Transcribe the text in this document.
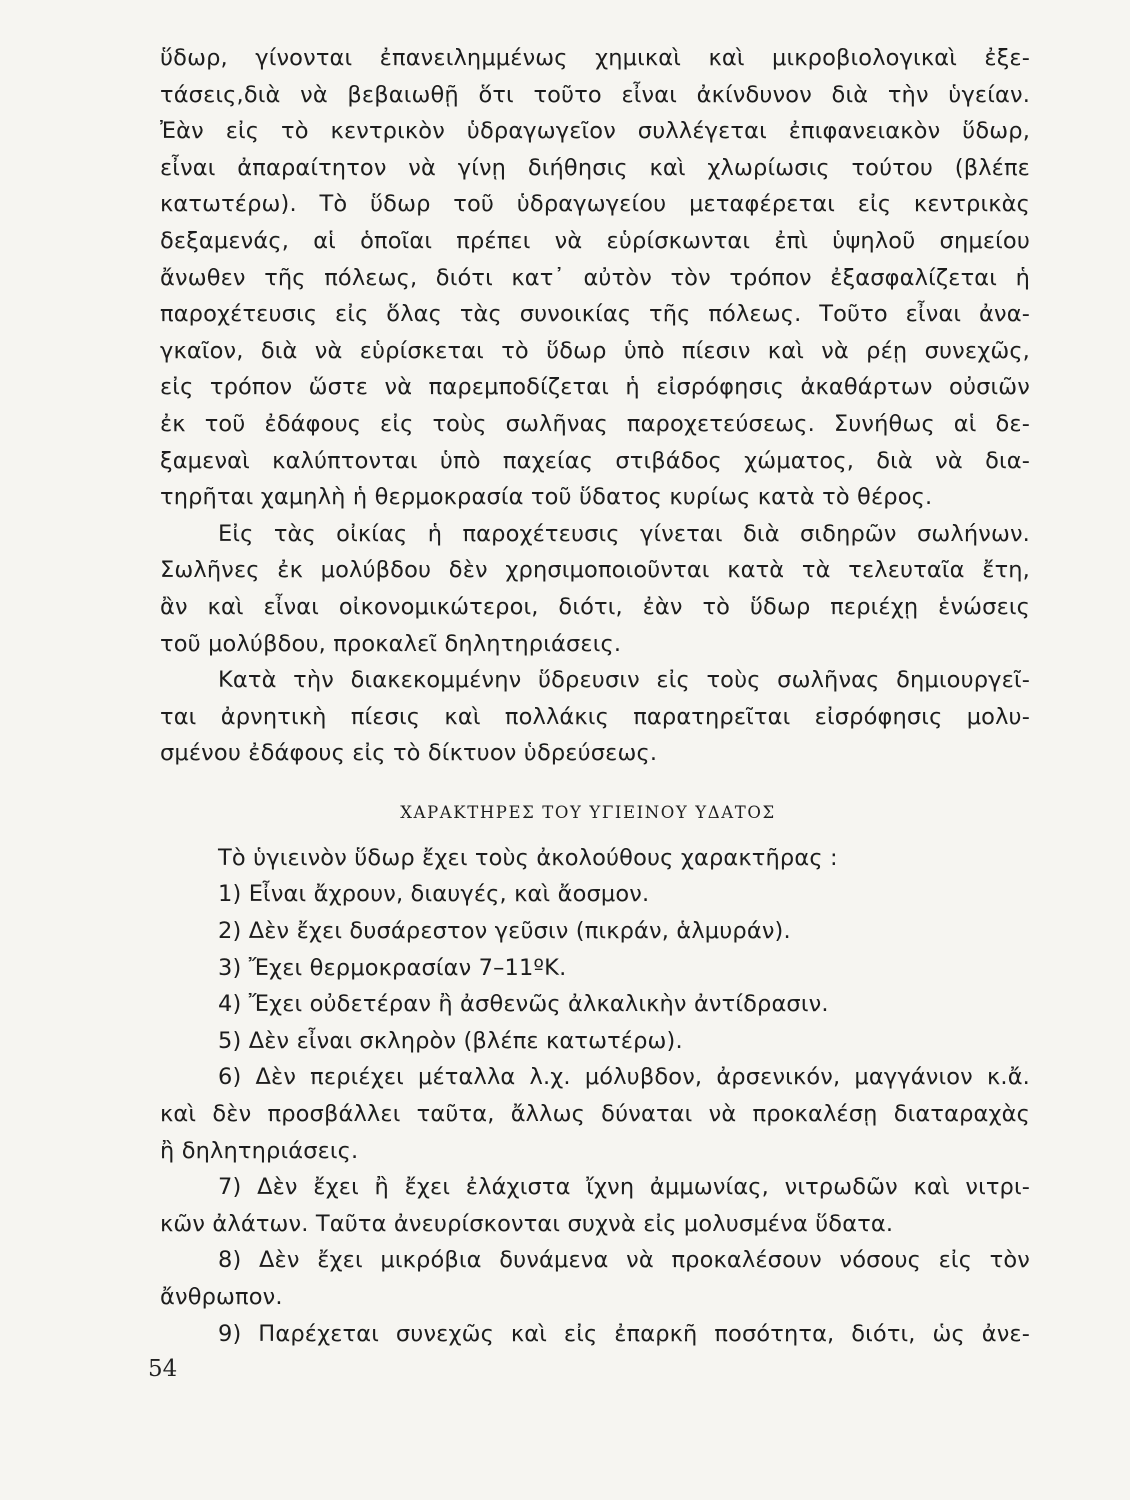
ὕδωρ, γίνονται ἐπανειλημμένως χημικαὶ καὶ μικροβιολογικαὶ ἐξε-
τάσεις,διὰ νὰ βεβαιωθῇ ὅτι τοῦτο εἶναι ἀκίνδυνον διὰ τὴν ὑγείαν.
Ἐὰν εἰς τὸ κεντρικὸν ὑδραγωγεῖον συλλέγεται ἐπιφανειακὸν ὕδωρ,
εἶναι ἀπαραίτητον νὰ γίνῃ διήθησις καὶ χλωρίωσις τούτου (βλέπε
κατωτέρω). Τὸ ὕδωρ τοῦ ὑδραγωγείου μεταφέρεται εἰς κεντρικὰς
δεξαμενάς, αἱ ὁποῖαι πρέπει νὰ εὑρίσκωνται ἐπὶ ὑψηλοῦ σημείου
ἄνωθεν τῆς πόλεως, διότι κατ᾽ αὐτὸν τὸν τρόπον ἐξασφαλίζεται ἡ
παροχέτευσις εἰς ὅλας τὰς συνοικίας τῆς πόλεως. Τοῦτο εἶναι ἀνα-
γκαῖον, διὰ νὰ εὑρίσκεται τὸ ὕδωρ ὑπὸ πίεσιν καὶ νὰ ρέῃ συνεχῶς,
εἰς τρόπον ὥστε νὰ παρεμποδίζεται ἡ εἰσρόφησις ἀκαθάρτων οὐσιῶν
ἐκ τοῦ ἐδάφους εἰς τοὺς σωλῆνας παροχετεύσεως. Συνήθως αἱ δε-
ξαμεναὶ καλύπτονται ὑπὸ παχείας στιβάδος χώματος, διὰ νὰ δια-
τηρῆται χαμηλὴ ἡ θερμοκρασία τοῦ ὕδατος κυρίως κατὰ τὸ θέρος.
Εἰς τὰς οἰκίας ἡ παροχέτευσις γίνεται διὰ σιδηρῶν σωλήνων.
Σωλῆνες ἐκ μολύβδου δὲν χρησιμοποιοῦνται κατὰ τὰ τελευταῖα ἔτη,
ἂν καὶ εἶναι οἰκονομικώτεροι, διότι, ἐὰν τὸ ὕδωρ περιέχῃ ἑνώσεις
τοῦ μολύβδου, προκαλεῖ δηλητηριάσεις.
Κατὰ τὴν διακεκομμένην ὕδρευσιν εἰς τοὺς σωλῆνας δημιουργεῖ-
ται ἀρνητικὴ πίεσις καὶ πολλάκις παρατηρεῖται εἰσρόφησις μολυ-
σμένου ἐδάφους εἰς τὸ δίκτυον ὑδρεύσεως.
ΧΑΡΑΚΤΗΡΕΣ ΤΟΥ ΥΓΙΕΙΝΟΥ ΥΔΑΤΟΣ
Τὸ ὑγιεινὸν ὕδωρ ἔχει τοὺς ἀκολούθους χαρακτῆρας :
1) Εἶναι ἄχρουν, διαυγές, καὶ ἄοσμον.
2) Δὲν ἔχει δυσάρεστον γεῦσιν (πικράν, ἁλμυράν).
3) Ἔχει θερμοκρασίαν 7–11ºΚ.
4) Ἔχει οὐδετέραν ἢ ἀσθενῶς ἀλκαλικὴν ἀντίδρασιν.
5) Δὲν εἶναι σκληρὸν (βλέπε κατωτέρω).
6) Δὲν περιέχει μέταλλα λ.χ. μόλυβδον, ἀρσενικόν, μαγγάνιον κ.ἄ.
καὶ δὲν προσβάλλει ταῦτα, ἄλλως δύναται νὰ προκαλέσῃ διαταραχὰς
ἢ δηλητηριάσεις.
7) Δὲν ἔχει ἢ ἔχει ἐλάχιστα ἴχνη ἀμμωνίας, νιτρωδῶν καὶ νιτρι-
κῶν ἀλάτων. Ταῦτα ἀνευρίσκονται συχνὰ εἰς μολυσμένα ὕδατα.
8) Δὲν ἔχει μικρόβια δυνάμενα νὰ προκαλέσουν νόσους εἰς τὸν
ἄνθρωπον.
9) Παρέχεται συνεχῶς καὶ εἰς ἐπαρκῆ ποσότητα, διότι, ὡς ἀνε-
54
